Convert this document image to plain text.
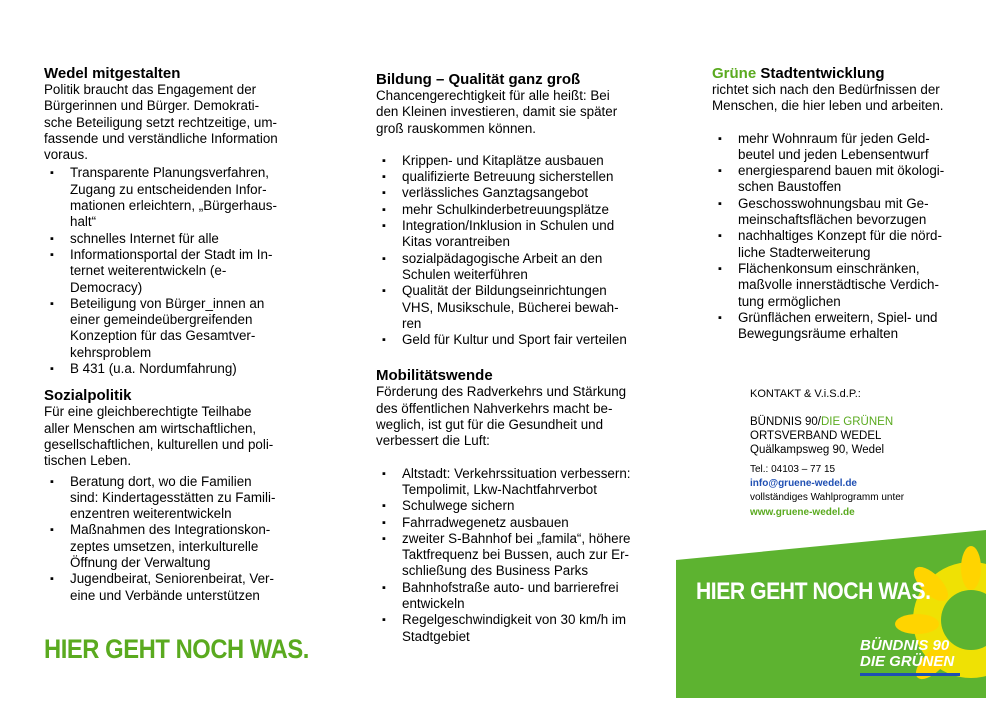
Wedel mitgestalten

Politik braucht das Engagement der
Bürgerinnen und Bürger. Demokrati-
sche Beteiligung setzt rechtzeitige, um-
fassende und verständliche Information
voraus.

▪ Transparente Planungsverfahren,
Zugang zu entscheidenden Infor-
mationen erleichtern, „Bürgerhaus-
halt“
▪ schnelles Internet für alle
▪ Informationsportal der Stadt im In-
ternet weiterentwickeln (e-
Democracy)
▪ Beteiligung von Bürger_innen an
einer gemeindeübergreifenden
Konzeption für das Gesamtver-
kehrsproblem
▪ B 431 (u.a. Nordumfahrung)
Sozialpolitik

Für eine gleichberechtigte Teilhabe
aller Menschen am wirtschaftlichen,
gesellschaftlichen, kulturellen und poli-
tischen Leben.

▪ Beratung dort, wo die Familien
sind: Kindertagesstätten zu Famili-
enzentren weiterentwickeln
▪ Maßnahmen des Integrationskon-
zeptes umsetzen, interkulturelle
Öffnung der Verwaltung
▪ Jugendbeirat, Seniorenbeirat, Ver-
eine und Verbände unterstützen
HIER GEHT NOCH WAS.
Bildung – Qualität ganz groß

Chancengerechtigkeit für alle heißt: Bei
den Kleinen investieren, damit sie später
groß rauskommen können.

▪ Krippen- und Kitaplätze ausbauen
▪ qualifizierte Betreuung sicherstellen
▪ verlässliches Ganztagsangebot
▪ mehr Schulkinderbetreuungsplätze
▪ Integration/Inklusion in Schulen und
Kitas vorantreiben
▪ sozialpädagogische Arbeit an den
Schulen weiterführen
▪ Qualität der Bildungseinrichtungen
VHS, Musikschule, Bücherei bewah-
ren
▪ Geld für Kultur und Sport fair verteilen
Mobilitätswende

Förderung des Radverkehrs und Stärkung
des öffentlichen Nahverkehrs macht be-
weglich, ist gut für die Gesundheit und
verbessert die Luft:

▪ Altstadt: Verkehrssituation verbessern:
Tempolimit, Lkw-Nachtfahrverbot
▪ Schulwege sichern
▪ Fahrradwegenetz ausbauen
▪ zweiter S-Bahnhof bei „famila“, höhere
Taktfrequenz bei Bussen, auch zur Er-
schließung des Business Parks
▪ Bahnhofstraße auto- und barrierefrei
entwickeln
▪ Regelgeschwindigkeit von 30 km/h im
Stadtgebiet
Grüne Stadtentwicklung

richtet sich nach den Bedürfnissen der
Menschen, die hier leben und arbeiten.

▪ mehr Wohnraum für jeden Geld-
beutel und jeden Lebensentwurf
▪ energiesparend bauen mit ökologi-
schen Baustoffen
▪ Geschosswohnungsbau mit Ge-
meinschaftsflächen bevorzugen
▪ nachhaltiges Konzept für die nörd-
liche Stadterweiterung
▪ Flächenkonsum einschränken,
maßvolle innerstädtische Verdich-
tung ermöglichen
▪ Grünflächen erweitern, Spiel- und
Bewegungsräume erhalten
KONTAKT & V.i.S.d.P.:
BÜNDNIS 90/DIE GRÜNEN
ORTSVERBAND WEDEL
Quälkampsweg 90, Wedel
Tel.: 04103 – 77 15
info@gruene-wedel.de
vollständiges Wahlprogramm unter
www.gruene-wedel.de
HIER GEHT NOCH WAS.
BÜNDNIS 90
DIE GRÜNEN
